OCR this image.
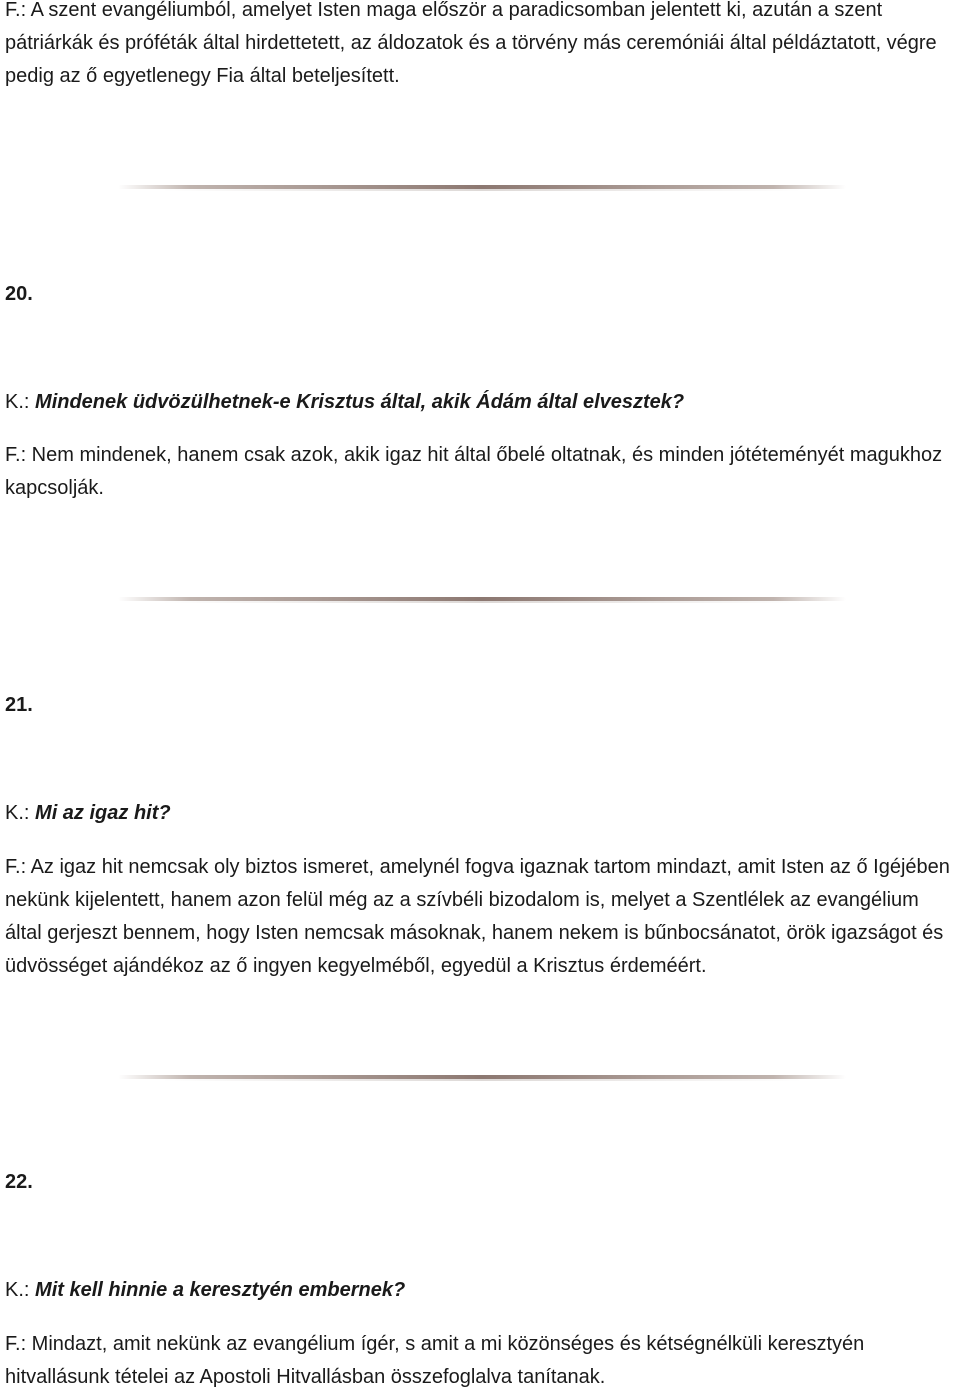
F.: A szent evangéliumból, amelyet Isten maga először a paradicsomban jelentett ki, azután a szent pátriárkák és próféták által hirdettetett, az áldozatok és a törvény más ceremóniái által példáztatott, végre pedig az ő egyetlenegy Fia által beteljesített.
20.
K.: Mindenek üdvözülhetnek-e Krisztus által, akik Ádám által elvesztek?
F.: Nem mindenek, hanem csak azok, akik igaz hit által őbelé oltatnak, és minden jótéteményét magukhoz kapcsolják.
21.
K.: Mi az igaz hit?
F.: Az igaz hit nemcsak oly biztos ismeret, amelynél fogva igaznak tartom mindazt, amit Isten az ő Igéjében nekünk kijelentett, hanem azon felül még az a szívbéli bizodalom is, melyet a Szentlélek az evangélium által gerjeszt bennem, hogy Isten nemcsak másoknak, hanem nekem is bűnbocsánatot, örök igazságot és üdvösséget ajándékoz az ő ingyen kegyelméből, egyedül a Krisztus érdeméért.
22.
K.: Mit kell hinnie a keresztyén embernek?
F.: Mindazt, amit nekünk az evangélium ígér, s amit a mi közönséges és kétségnélküli keresztyén hitvallásunk tételei az Apostoli Hitvallásban összefoglalva tanítanak.
